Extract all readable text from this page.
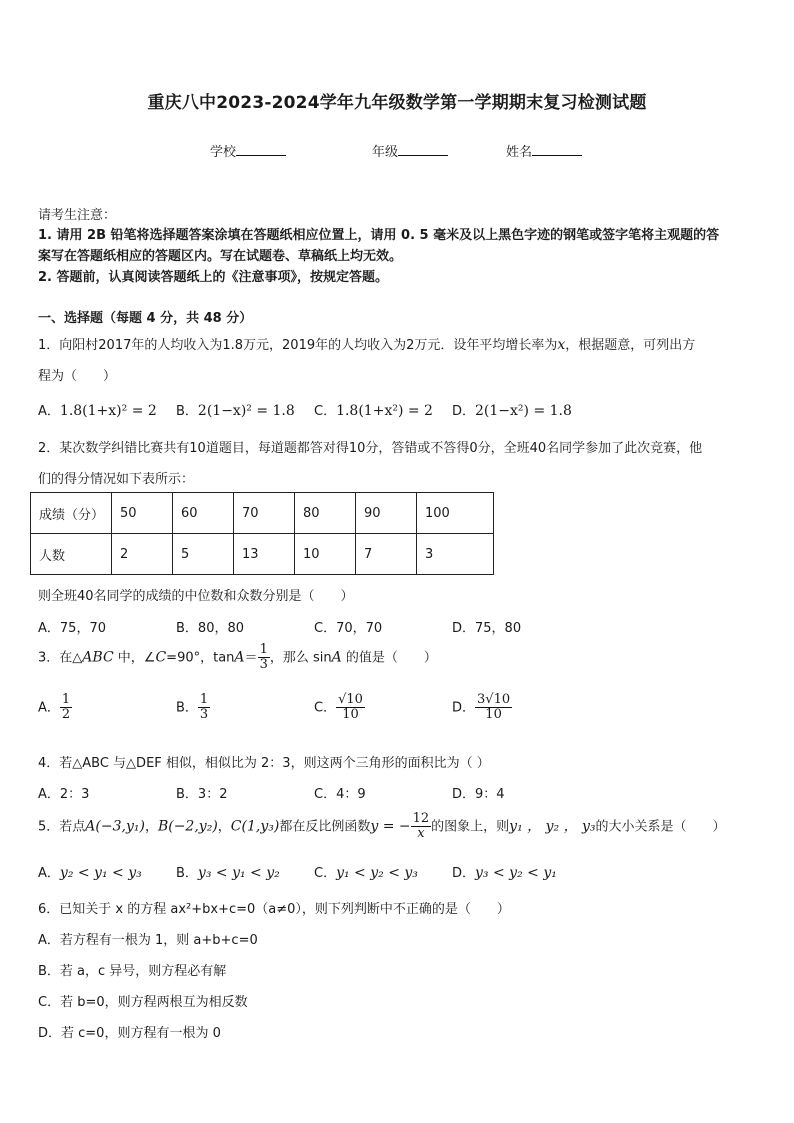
重庆八中2023-2024学年九年级数学第一学期期末复习检测试题
学校	年级	姓名
请考生注意：
1. 请用 2B 铅笔将选择题答案涂填在答题纸相应位置上，请用 0. 5 毫米及以上黑色字迹的钢笔或签字笔将主观题的答
案写在答题纸相应的答题区内。写在试题卷、草稿纸上均无效。
2. 答题前，认真阅读答题纸上的《注意事项》，按规定答题。
一、选择题（每题 4 分，共 48 分）
1．向阳村2017年的人均收入为1.8万元，2019年的人均收入为2万元．设年平均增长率为x，根据题意，可列出方
程为（　　）
A．1.8(1+x)² = 2 B．2(1−x)² = 1.8 C．1.8(1+x²) = 2 D．2(1−x²) = 1.8
2．某次数学纠错比赛共有10道题目，每道题都答对得10分，答错或不答得0分，全班40名同学参加了此次竞赛，他
们的得分情况如下表所示：
成绩（分）	50	60	70	80	90	100
人数	2	5	13	10	7	3
则全班40名同学的成绩的中位数和众数分别是（　　）
A．75，70	B．80，80	C．70，70	D．75，80
3．在△ABC 中，∠C=90°，$\tan A= \frac{1}{3}$ ，那么 sinA 的值是（　　）
A． $\frac{1}{2}$	B． $\frac{1}{3}$	C． $\frac{√10}{10}$	D． $\frac{3√10}{10}$
4．若△ABC 与△DEF 相似，相似比为 2：3，则这两个三角形的面积比为（ ）
A．2：3	B．3：2	C．4：9	D．9：4
5．若点A(−3,y₁)，B(−2,y₂)，C(1,y₃)都在反比例函数y = − $\frac{12}{x}$ 的图象上，则y₁ ， y₂ ， y₃的大小关系是（　　）
A．y₂ < y₁ < y₃	B．y₃ < y₁ < y₂	C．y₁ < y₂ < y₃	D．y₃ < y₂ < y₁
6．已知关于 x 的方程 ax²+bx+c=0（a≠0），则下列判断中不正确的是（　　）
A．若方程有一根为 1，则 a+b+c=0
B．若 a，c 异号，则方程必有解
C．若 b=0，则方程两根互为相反数
D．若 c=0，则方程有一根为 0
